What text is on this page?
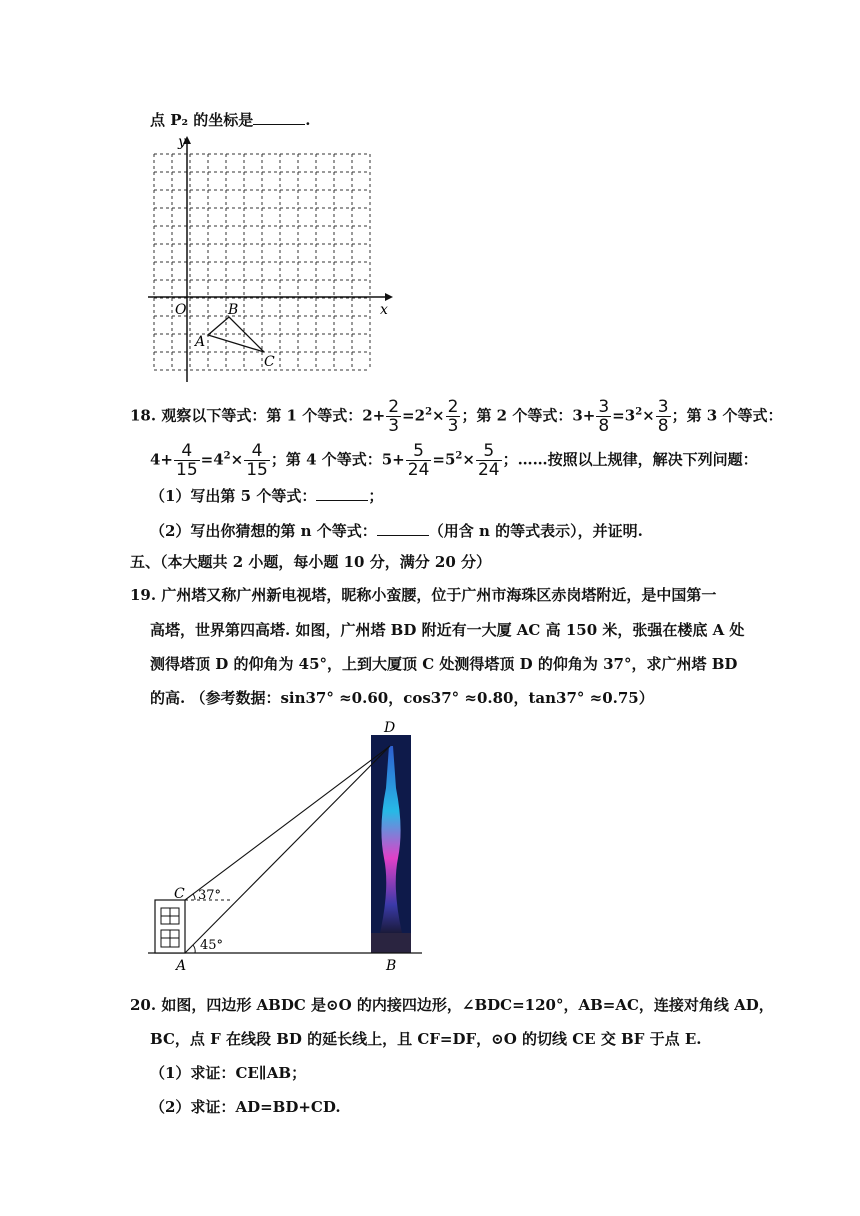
点 P₂ 的坐标是	.
x
y
O
A
B
C
18. 观察以下等式：第 1 个等式：$2+ \frac{2}{3} =2^2\times \frac{2}{3}$ ；第 2 个等式：$3+ \frac{3}{8} =3^2\times \frac{3}{8}$ ；第 3 个等式：
$4+ \frac{4}{15} =4^2\times \frac{4}{15}$ ；第 4 个等式：$5+ \frac{5}{24} =5^2\times \frac{5}{24}$ ；……按照以上规律，解决下列问题：
（1）写出第 5 个等式：	；
（2）写出你猜想的第 n 个等式：	（用含 n 的等式表示），并证明.
五、（本大题共 2 小题，每小题 10 分，满分 20 分）
19. 广州塔又称广州新电视塔，昵称小蛮腰，位于广州市海珠区赤岗塔附近，是中国第一
高塔，世界第四高塔. 如图，广州塔 BD 附近有一大厦 AC 高 150 米，张强在楼底 A 处
测得塔顶 D 的仰角为 45°，上到大厦顶 C 处测得塔顶 D 的仰角为 37°，求广州塔 BD
的高. （参考数据：sin37° ≈0.60，cos37° ≈0.80，tan37° ≈0.75）
D
C
A	B
37°
45°
20. 如图，四边形 ABDC 是⊙O 的内接四边形，∠BDC=120°，AB=AC，连接对角线 AD，
BC，点 F 在线段 BD 的延长线上，且 CF=DF，⊙O 的切线 CE 交 BF 于点 E.
（1）求证：CE∥AB；
（2）求证：AD=BD+CD.
